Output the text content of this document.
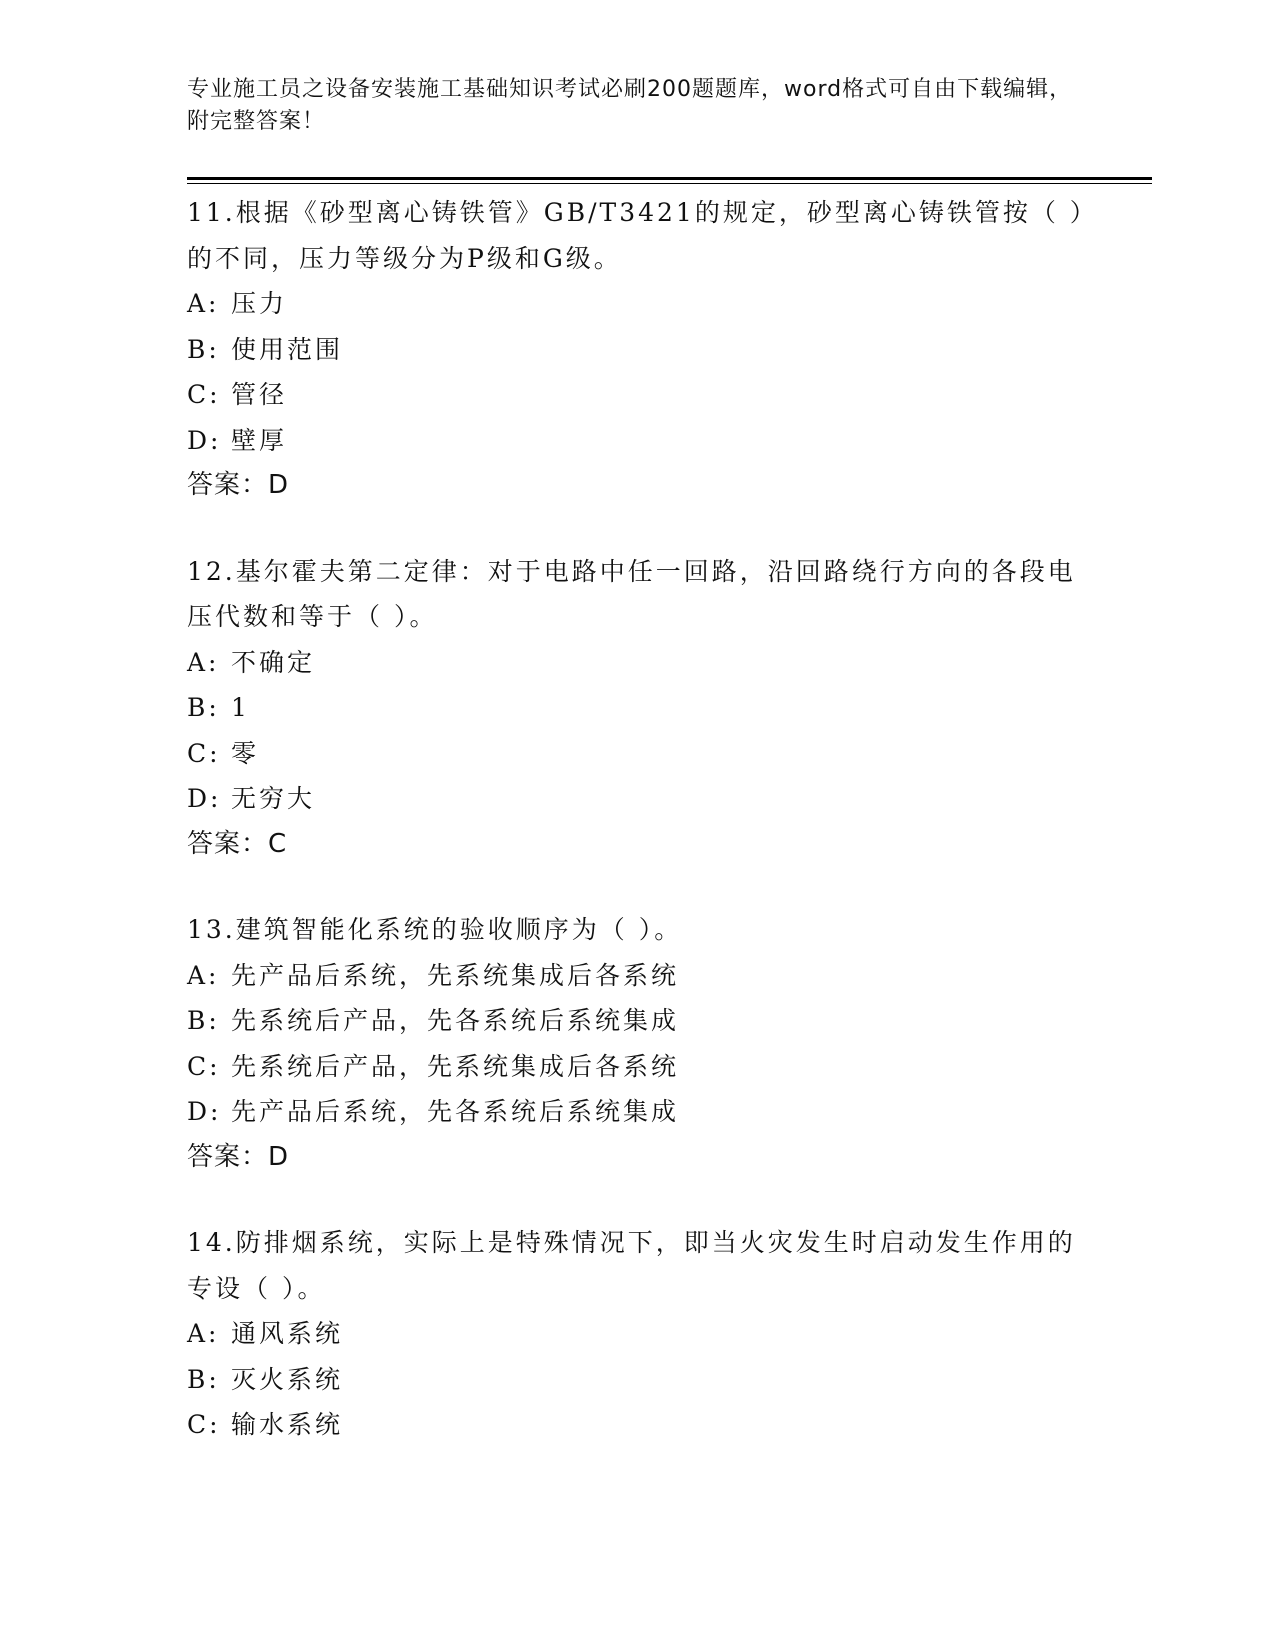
专业施工员之设备安装施工基础知识考试必刷200题题库，word格式可自由下载编辑，附完整答案！
11.根据《砂型离心铸铁管》GB/T3421的规定，砂型离心铸铁管按（ ）的不同，压力等级分为P级和G级。
A: 压力
B: 使用范围
C: 管径
D: 壁厚
答案：D
12.基尔霍夫第二定律：对于电路中任一回路，沿回路绕行方向的各段电压代数和等于（ ）。
A: 不确定
B: 1
C: 零
D: 无穷大
答案：C
13.建筑智能化系统的验收顺序为（ ）。
A: 先产品后系统，先系统集成后各系统
B: 先系统后产品，先各系统后系统集成
C: 先系统后产品，先系统集成后各系统
D: 先产品后系统，先各系统后系统集成
答案：D
14.防排烟系统，实际上是特殊情况下，即当火灾发生时启动发生作用的专设（ ）。
A: 通风系统
B: 灭火系统
C: 输水系统
